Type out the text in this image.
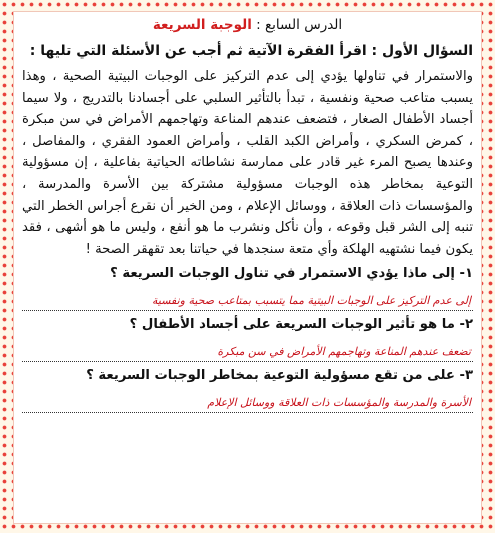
الدرس السابع : الوجبة السريعة
السؤال الأول : اقرأ الفقرة الآتية ثم أجب عن الأسئلة التي تليها :

والاستمرار في تناولها يؤدي إلى عدم التركيز على الوجبات البيتية الصحية ، وهذا يسبب متاعب صحية ونفسية ، تبدأ بالتأثير السلبي على أجسادنا بالتدريج ، ولا سيما أجساد الأطفال الصغار ، فتضعف عندهم المناعة وتهاجمهم الأمراض في سن مبكرة ، كمرض السكري ، وأمراض الكبد القلب ، وأمراض العمود الفقري ، والمفاصل ، وعندها يصبح المرء غير قادر على ممارسة نشاطاته الحياتية بفاعلية ، إن مسؤولية التوعية بمخاطر هذه الوجبات مسؤولية مشتركة بين الأسرة والمدرسة ، والمؤسسات ذات العلاقة ، ووسائل الإعلام ، ومن الخير أن نقرع أجراس الخطر التي تنبه إلى الشر قبل وقوعه ، وأن نأكل ونشرب ما هو أنفع ، وليس ما هو أشهى ، فقد يكون فيما نشتهيه الهلكة وأي متعة سنجدها في حياتنا بعد تقهقر الصحة !

١- إلى ماذا يؤدي الاستمرار في تناول الوجبات السريعة ؟
إلى عدم التركيز على الوجبات البيتية مما يتسبب بمتاعب صحية ونفسية
٢- ما هو تأثير الوجبات السريعة على أجساد الأطفال ؟
تضعف عندهم المناعة وتهاجمهم الأمراض في سن مبكرة
٣- على من تقع مسؤولية التوعية بمخاطر الوجبات السريعة ؟
الأسرة والمدرسة والمؤسسات ذات العلاقة ووسائل الإعلام
